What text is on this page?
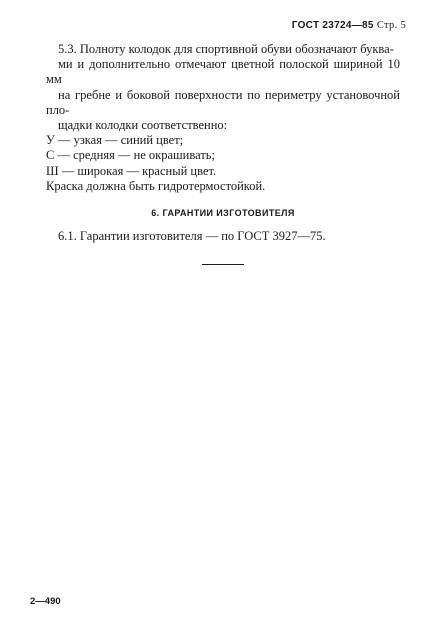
ГОСТ 23724—85 Стр. 5
5.3. Полноту колодок для спортивной обуви обозначают буква-
ми и дополнительно отмечают цветной полоской шириной 10 мм
на гребне и боковой поверхности по периметру установочной пло-
щадки колодки соответственно:
У — узкая — синий цвет;
С — средняя — не окрашивать;
Ш — широкая — красный цвет.
Краска должна быть гидротермостойкой.
6. ГАРАНТИИ ИЗГОТОВИТЕЛЯ
6.1. Гарантии изготовителя — по ГОСТ 3927—75.
2—490
